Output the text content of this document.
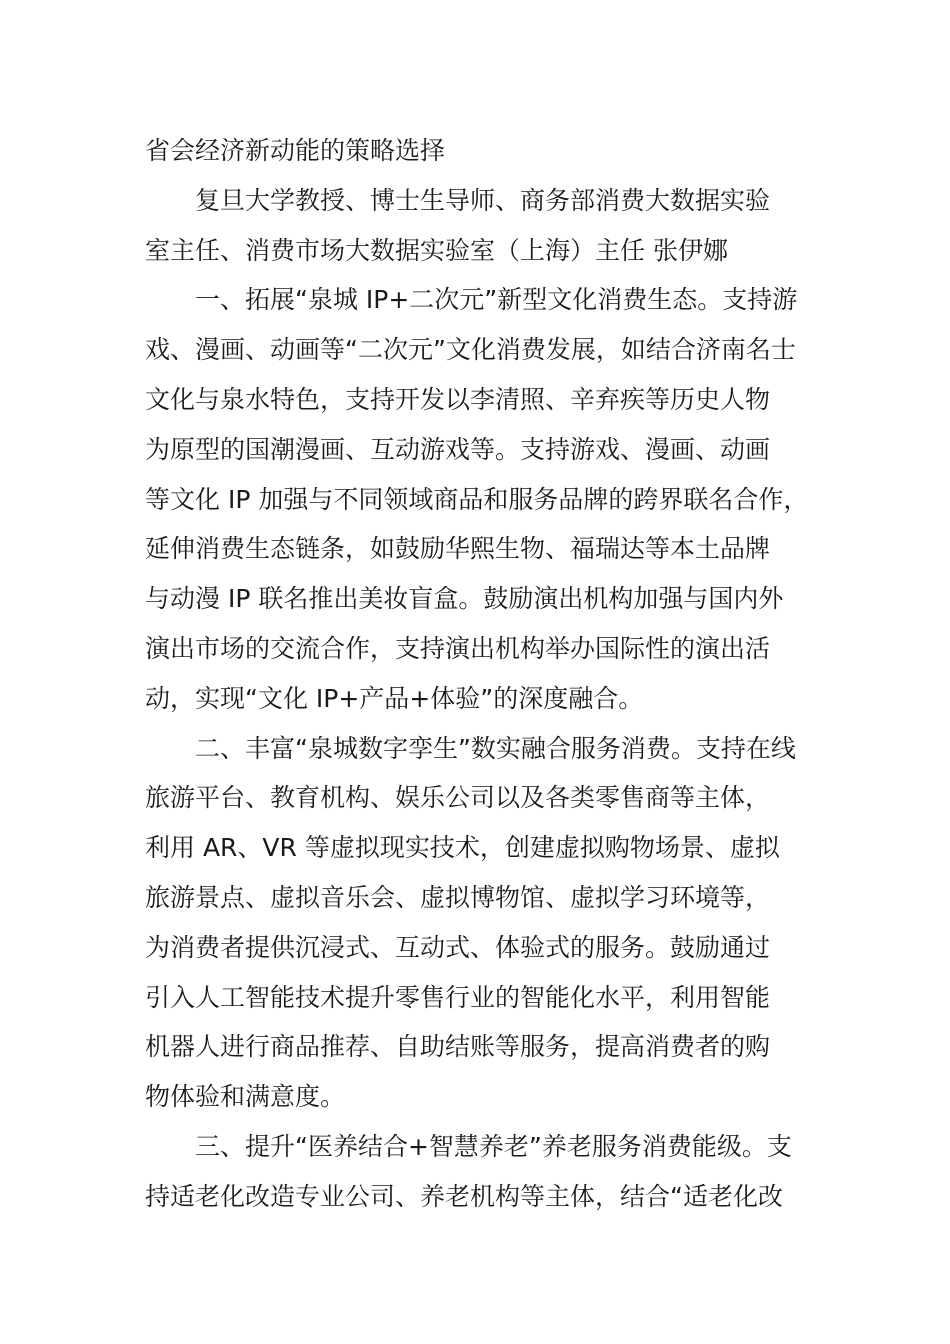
省会经济新动能的策略选择
　　复旦大学教授、博士生导师、商务部消费大数据实验
室主任、消费市场大数据实验室（上海）主任 张伊娜
　　一、拓展“泉城 IP+二次元”新型文化消费生态。支持游
戏、漫画、动画等“二次元”文化消费发展，如结合济南名士
文化与泉水特色，支持开发以李清照、辛弃疾等历史人物
为原型的国潮漫画、互动游戏等。支持游戏、漫画、动画
等文化 IP 加强与不同领域商品和服务品牌的跨界联名合作，
延伸消费生态链条，如鼓励华熙生物、福瑞达等本土品牌
与动漫 IP 联名推出美妆盲盒。鼓励演出机构加强与国内外
演出市场的交流合作，支持演出机构举办国际性的演出活
动，实现“文化 IP+产品+体验”的深度融合。
　　二、丰富“泉城数字孪生”数实融合服务消费。支持在线
旅游平台、教育机构、娱乐公司以及各类零售商等主体，
利用 AR、VR 等虚拟现实技术，创建虚拟购物场景、虚拟
旅游景点、虚拟音乐会、虚拟博物馆、虚拟学习环境等，
为消费者提供沉浸式、互动式、体验式的服务。鼓励通过
引入人工智能技术提升零售行业的智能化水平，利用智能
机器人进行商品推荐、自助结账等服务，提高消费者的购
物体验和满意度。
　　三、提升“医养结合+智慧养老”养老服务消费能级。支
持适老化改造专业公司、养老机构等主体，结合“适老化改
